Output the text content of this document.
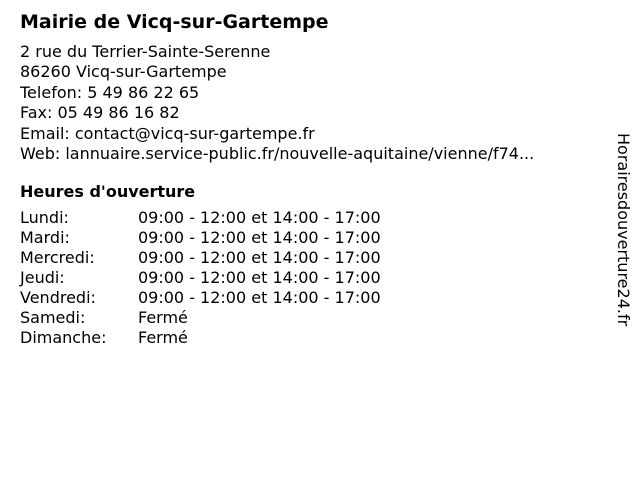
Mairie de Vicq-sur-Gartempe
2 rue du Terrier-Sainte-Serenne
86260 Vicq-sur-Gartempe
Telefon: 5 49 86 22 65
Fax: 05 49 86 16 82
Email: contact@vicq-sur-gartempe.fr
Web: lannuaire.service-public.fr/nouvelle-aquitaine/vienne/f74...
Heures d'ouverture
Lundi:	09:00 - 12:00 et 14:00 - 17:00
Mardi:	09:00 - 12:00 et 14:00 - 17:00
Mercredi:	09:00 - 12:00 et 14:00 - 17:00
Jeudi:	09:00 - 12:00 et 14:00 - 17:00
Vendredi:	09:00 - 12:00 et 14:00 - 17:00
Samedi:	Fermé
Dimanche:	Fermé
Horairesdouverture24.fr
